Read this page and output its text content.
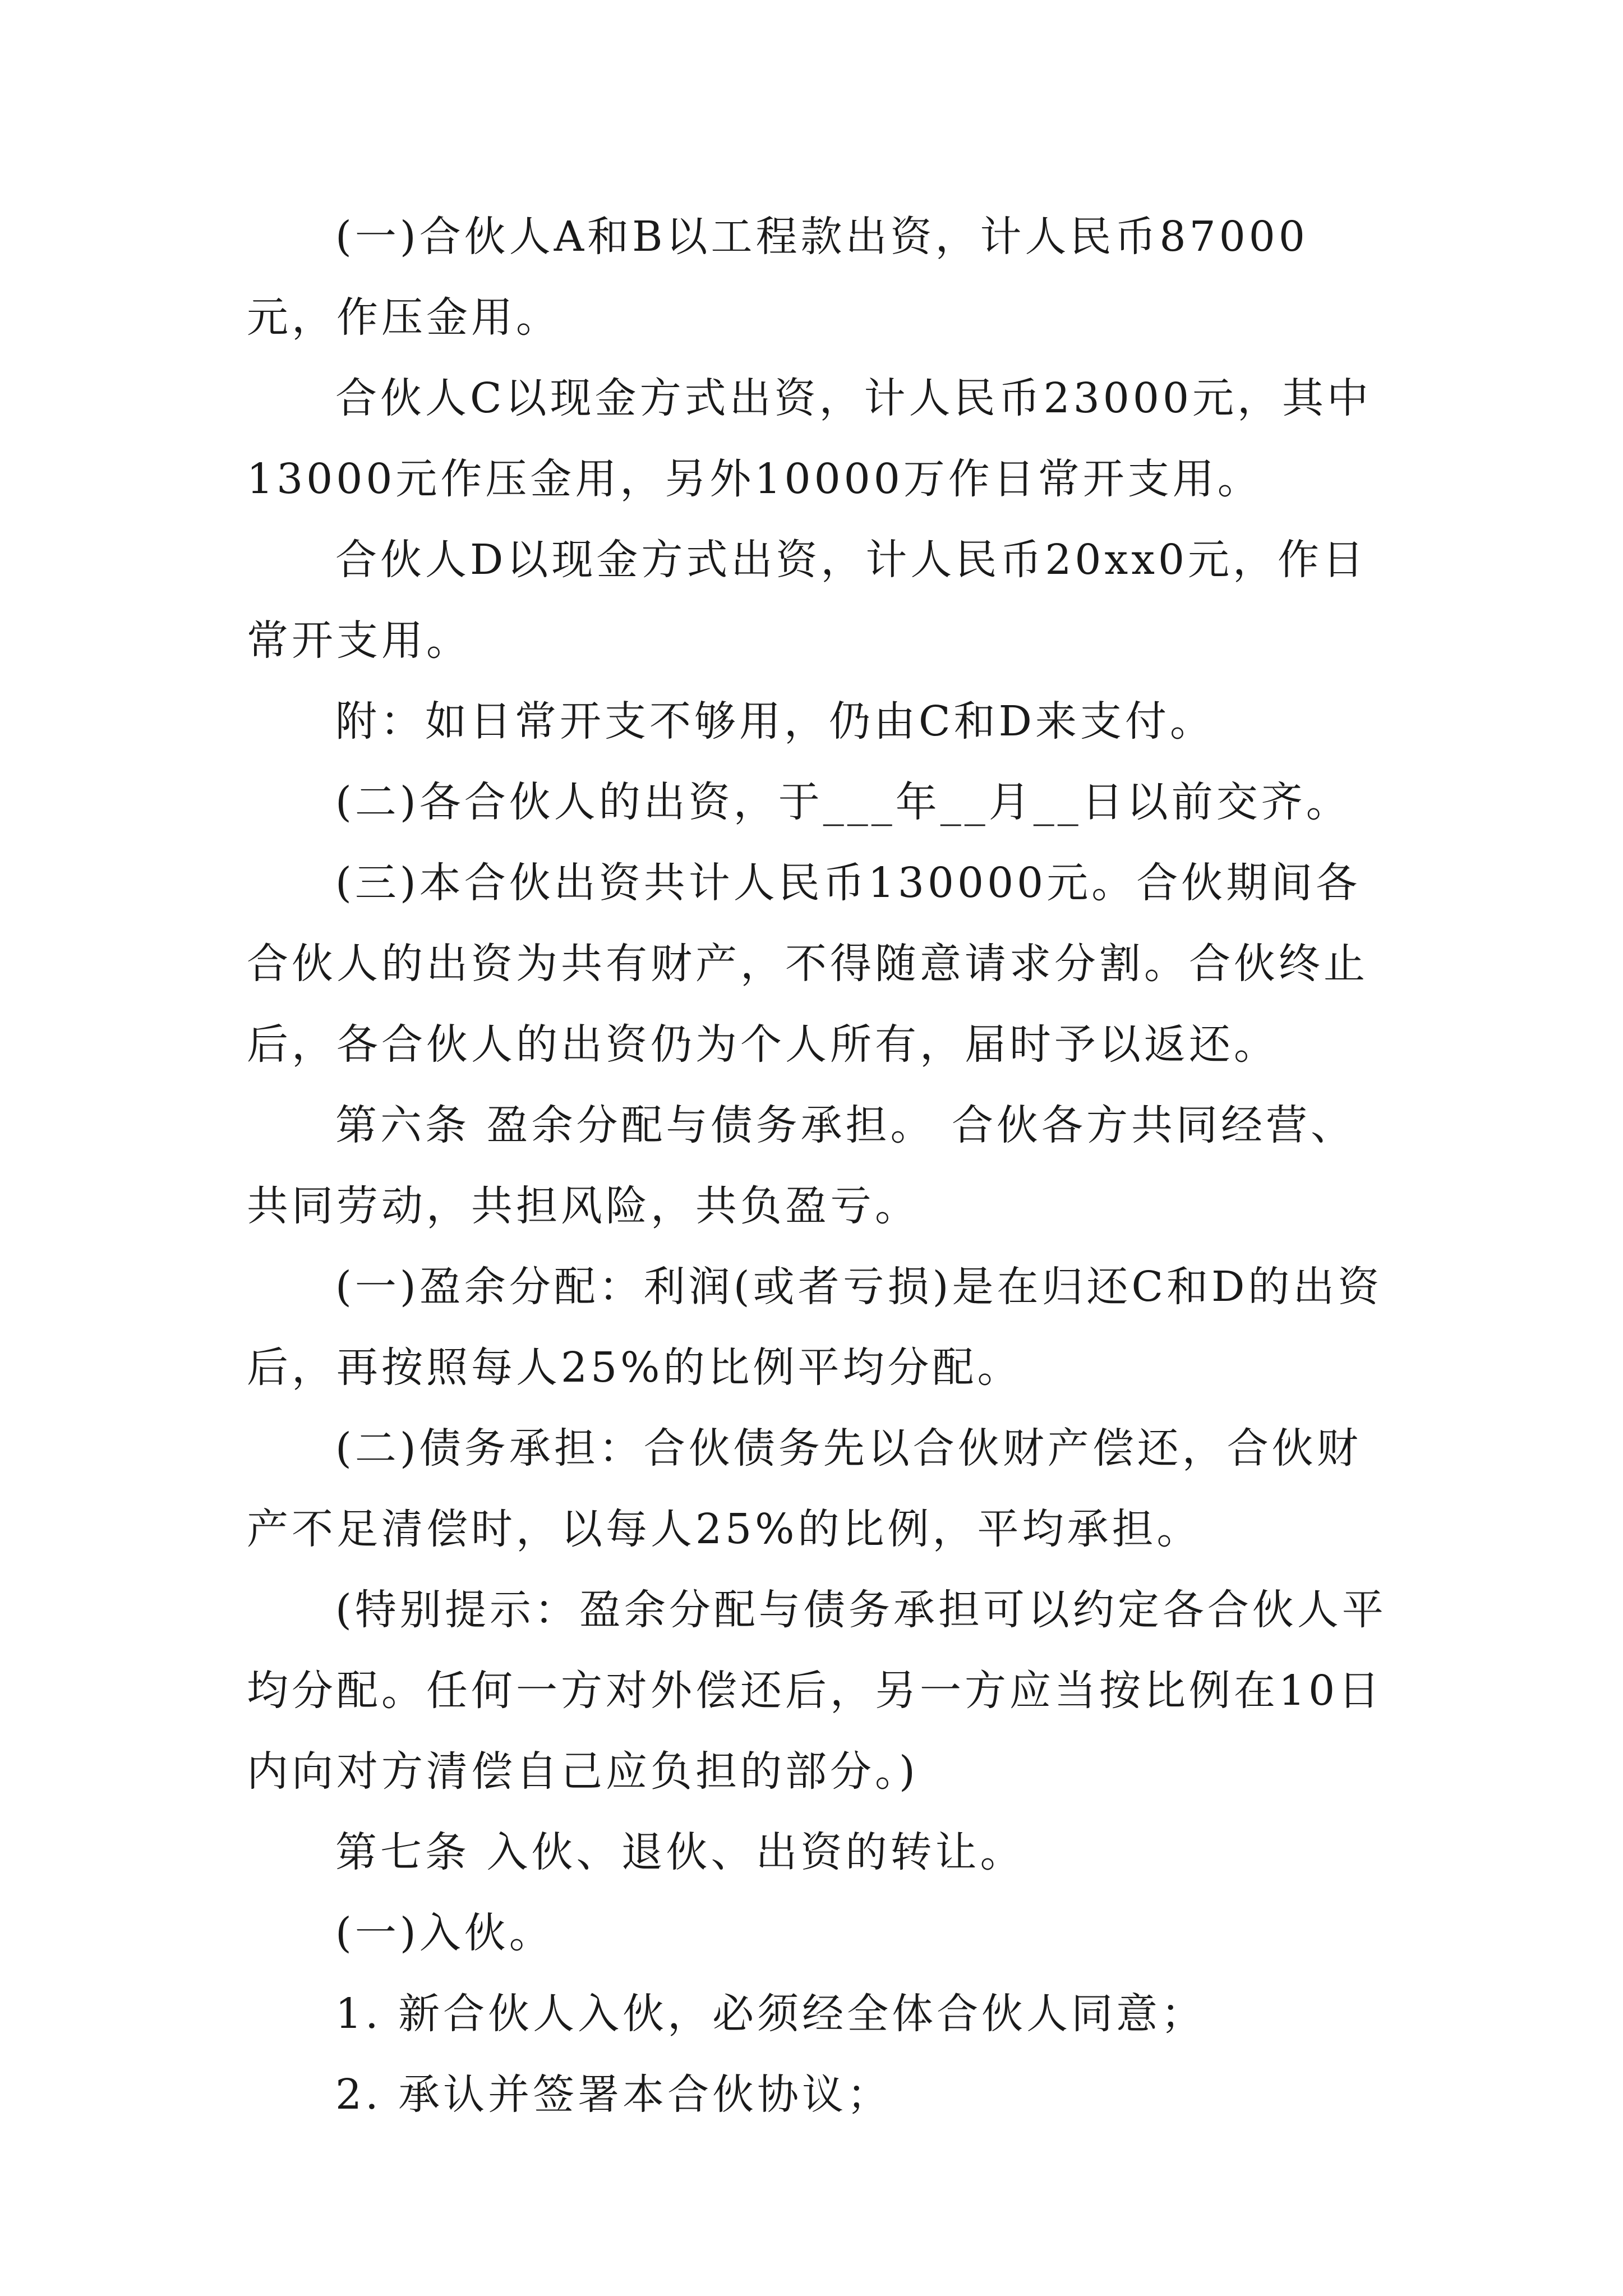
(一)合伙人A和B以工程款出资，计人民币87000元，作压金用。

合伙人C以现金方式出资，计人民币23000元，其中13000元作压金用，另外10000万作日常开支用。

合伙人D以现金方式出资，计人民币20xx0元，作日常开支用。

附：如日常开支不够用，仍由C和D来支付。

(二)各合伙人的出资，于___年__月__日以前交齐。

(三)本合伙出资共计人民币130000元。合伙期间各合伙人的出资为共有财产，不得随意请求分割。合伙终止后，各合伙人的出资仍为个人所有，届时予以返还。

第六条 盈余分配与债务承担。 合伙各方共同经营、共同劳动，共担风险，共负盈亏。

(一)盈余分配：利润(或者亏损)是在归还C和D的出资后，再按照每人25%的比例平均分配。

(二)债务承担：合伙债务先以合伙财产偿还，合伙财产不足清偿时，以每人25%的比例，平均承担。

(特别提示：盈余分配与债务承担可以约定各合伙人平均分配。任何一方对外偿还后，另一方应当按比例在10日内向对方清偿自己应负担的部分。)

第七条 入伙、退伙、出资的转让。

(一)入伙。

1. 新合伙人入伙，必须经全体合伙人同意；

2. 承认并签署本合伙协议；
